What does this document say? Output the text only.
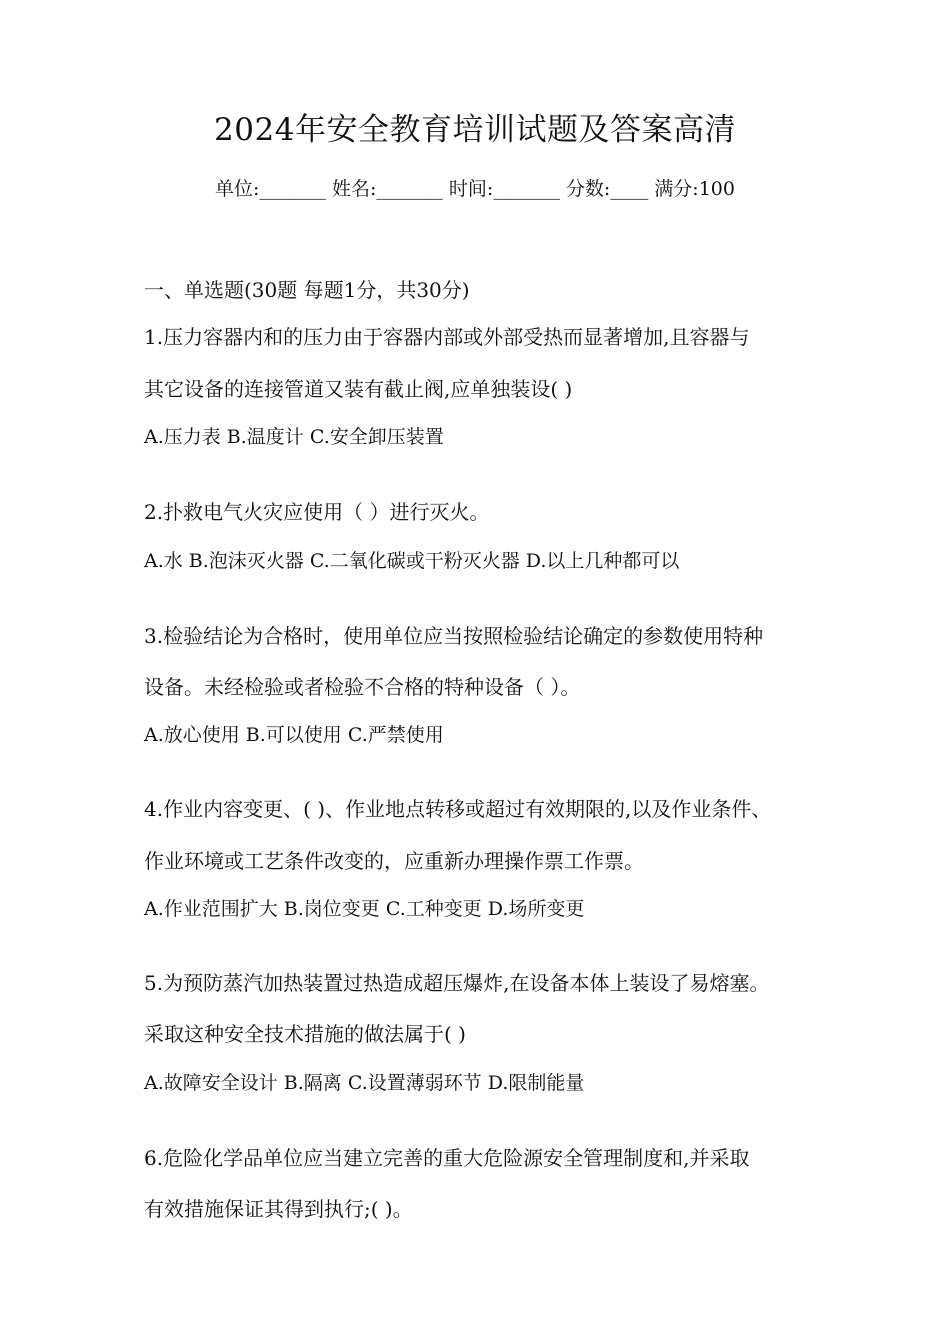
2024年安全教育培训试题及答案高清
单位:_______ 姓名:_______ 时间:_______ 分数:____ 满分:100
一、单选题(30题 每题1分，共30分)
1.压力容器内和的压力由于容器内部或外部受热而显著增加,且容器与
其它设备的连接管道又装有截止阀,应单独装设( )
A.压力表 B.温度计 C.安全卸压装置
2.扑救电气火灾应使用（ ）进行灭火。
A.水 B.泡沫灭火器 C.二氧化碳或干粉灭火器 D.以上几种都可以
3.检验结论为合格时，使用单位应当按照检验结论确定的参数使用特种
设备。未经检验或者检验不合格的特种设备（ ）。
A.放心使用 B.可以使用 C.严禁使用
4.作业内容变更、( )、作业地点转移或超过有效期限的,以及作业条件、
作业环境或工艺条件改变的，应重新办理操作票工作票。
A.作业范围扩大 B.岗位变更 C.工种变更 D.场所变更
5.为预防蒸汽加热装置过热造成超压爆炸,在设备本体上装设了易熔塞。
采取这种安全技术措施的做法属于( )
A.故障安全设计 B.隔离 C.设置薄弱环节 D.限制能量
6.危险化学品单位应当建立完善的重大危险源安全管理制度和,并采取
有效措施保证其得到执行;( )。
